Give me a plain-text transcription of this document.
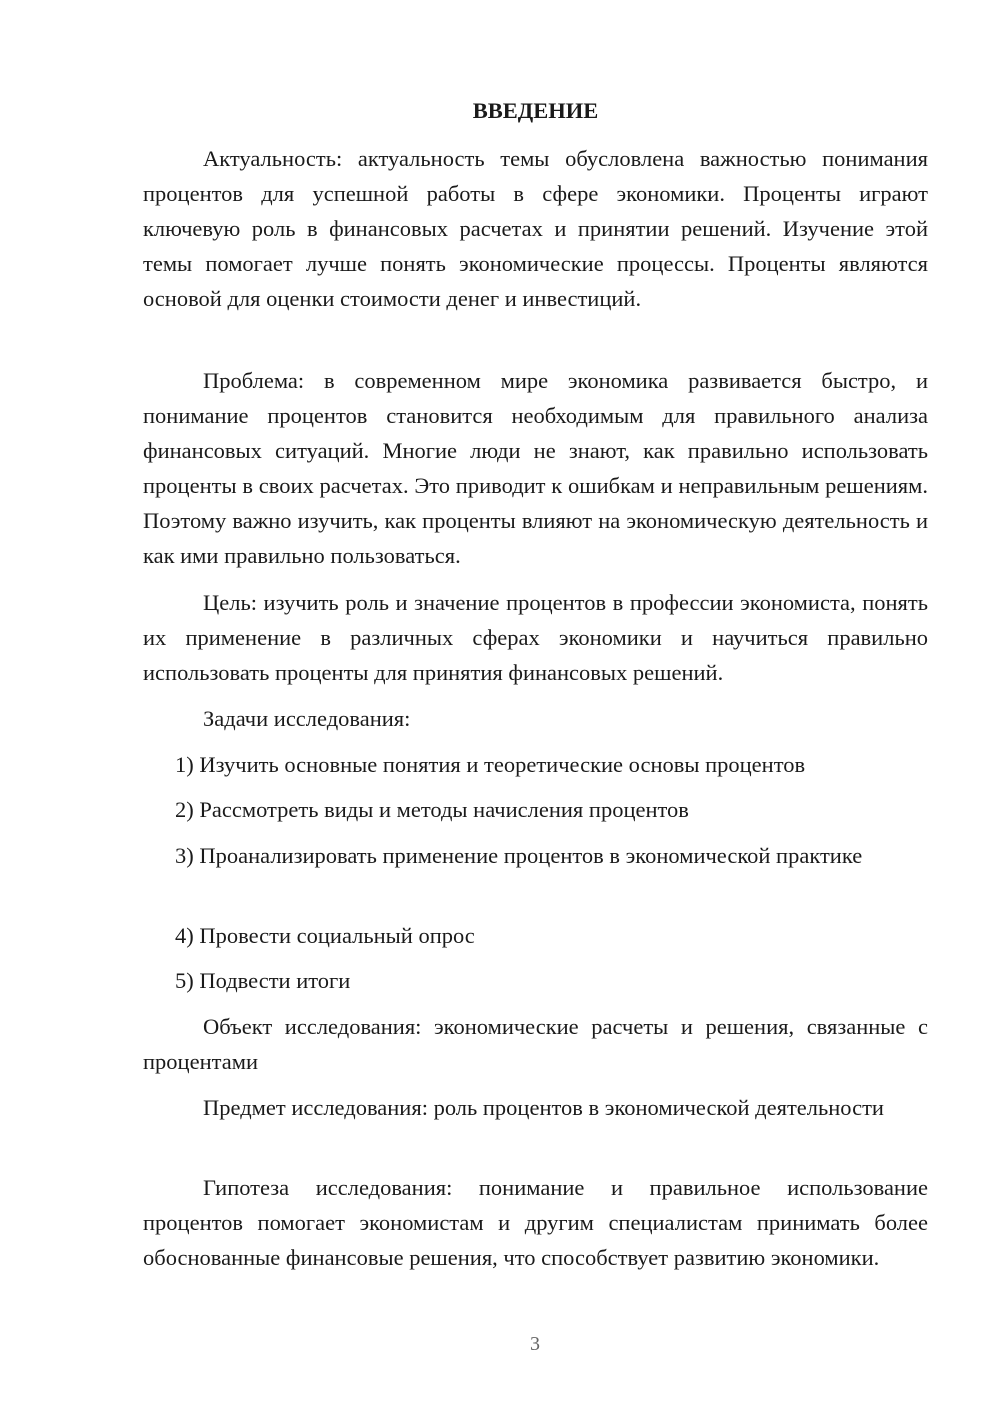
ВВЕДЕНИЕ

Актуальность: актуальность темы обусловлена важностью понимания процентов для успешной работы в сфере экономики. Проценты играют ключевую роль в финансовых расчетах и принятии решений. Изучение этой темы помогает лучше понять экономические процессы. Проценты являются основой для оценки стоимости денег и инвестиций.

Проблема: в современном мире экономика развивается быстро, и понимание процентов становится необходимым для правильного анализа финансовых ситуаций. Многие люди не знают, как правильно использовать проценты в своих расчетах. Это приводит к ошибкам и неправильным решениям. Поэтому важно изучить, как проценты влияют на экономическую деятельность и как ими правильно пользоваться.

Цель: изучить роль и значение процентов в профессии экономиста, понять их применение в различных сферах экономики и научиться правильно использовать проценты для принятия финансовых решений.

Задачи исследования:

1) Изучить основные понятия и теоретические основы процентов

2) Рассмотреть виды и методы начисления процентов

3) Проанализировать применение процентов в экономической практике

4) Провести социальный опрос

5) Подвести итоги

Объект исследования: экономические расчеты и решения, связанные с процентами

Предмет исследования: роль процентов в экономической деятельности

Гипотеза исследования: понимание и правильное использование процентов помогает экономистам и другим специалистам принимать более обоснованные финансовые решения, что способствует развитию экономики.

3
